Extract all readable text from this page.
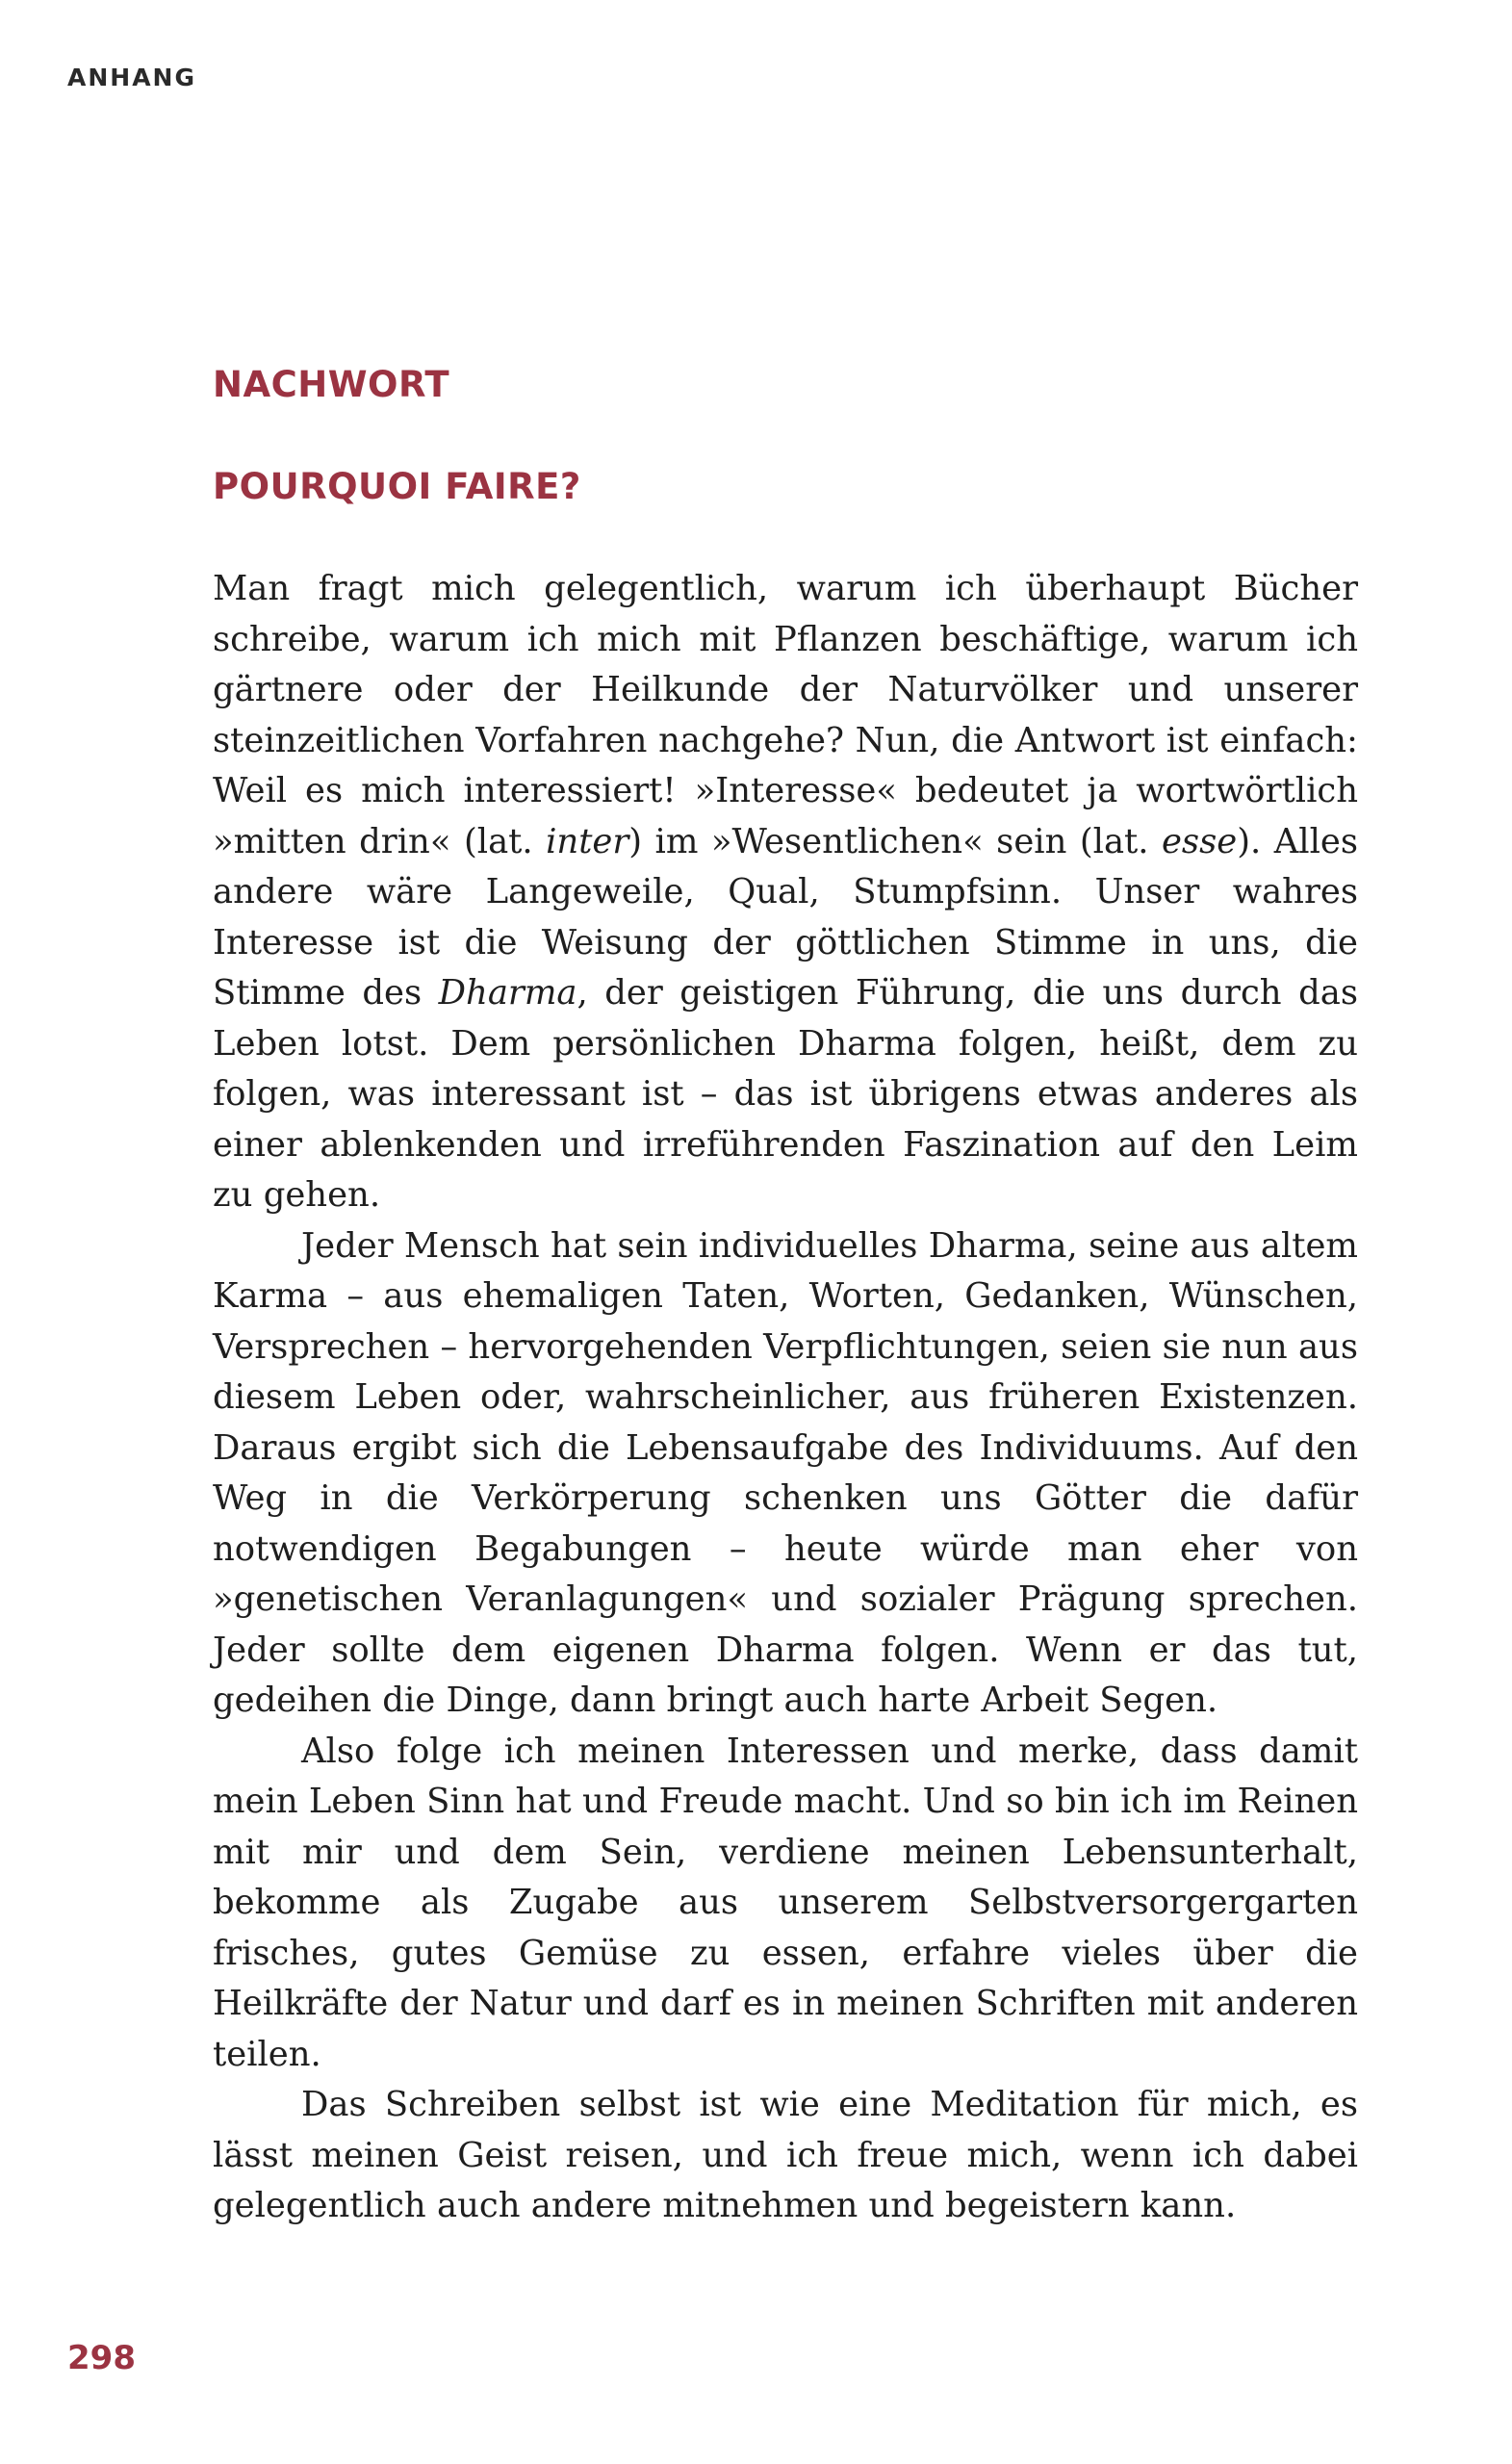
ANHANG
NACHWORT
POURQUOI FAIRE?

Man fragt mich gelegentlich, warum ich überhaupt Bücher schreibe, warum ich mich mit Pflanzen beschäftige, warum ich gärtnere oder der Heilkunde der Naturvölker und unserer steinzeitlichen Vorfahren nachgehe? Nun, die Antwort ist einfach: Weil es mich interessiert! »Interesse« bedeutet ja wortwörtlich »mitten drin« (lat. inter) im »Wesentlichen« sein (lat. esse). Alles andere wäre Langeweile, Qual, Stumpfsinn. Unser wahres Interesse ist die Weisung der göttlichen Stimme in uns, die Stimme des Dharma, der geistigen Führung, die uns durch das Leben lotst. Dem persönlichen Dharma folgen, heißt, dem zu folgen, was interessant ist – das ist übrigens etwas anderes als einer ablenkenden und irreführenden Faszination auf den Leim zu gehen.

Jeder Mensch hat sein individuelles Dharma, seine aus altem Karma – aus ehemaligen Taten, Worten, Gedanken, Wünschen, Versprechen – hervorgehenden Verpflichtungen, seien sie nun aus diesem Leben oder, wahrscheinlicher, aus früheren Existenzen. Daraus ergibt sich die Lebensaufgabe des Individuums. Auf den Weg in die Verkörperung schenken uns Götter die dafür notwendigen Begabungen – heute würde man eher von »genetischen Veranlagungen« und sozialer Prägung sprechen. Jeder sollte dem eigenen Dharma folgen. Wenn er das tut, gedeihen die Dinge, dann bringt auch harte Arbeit Segen.

Also folge ich meinen Interessen und merke, dass damit mein Leben Sinn hat und Freude macht. Und so bin ich im Reinen mit mir und dem Sein, verdiene meinen Lebensunterhalt, bekomme als Zugabe aus unserem Selbstversorgergarten frisches, gutes Gemüse zu essen, erfahre vieles über die Heilkräfte der Natur und darf es in meinen Schriften mit anderen teilen.

Das Schreiben selbst ist wie eine Meditation für mich, es lässt meinen Geist reisen, und ich freue mich, wenn ich dabei gelegentlich auch andere mitnehmen und begeistern kann.

298
